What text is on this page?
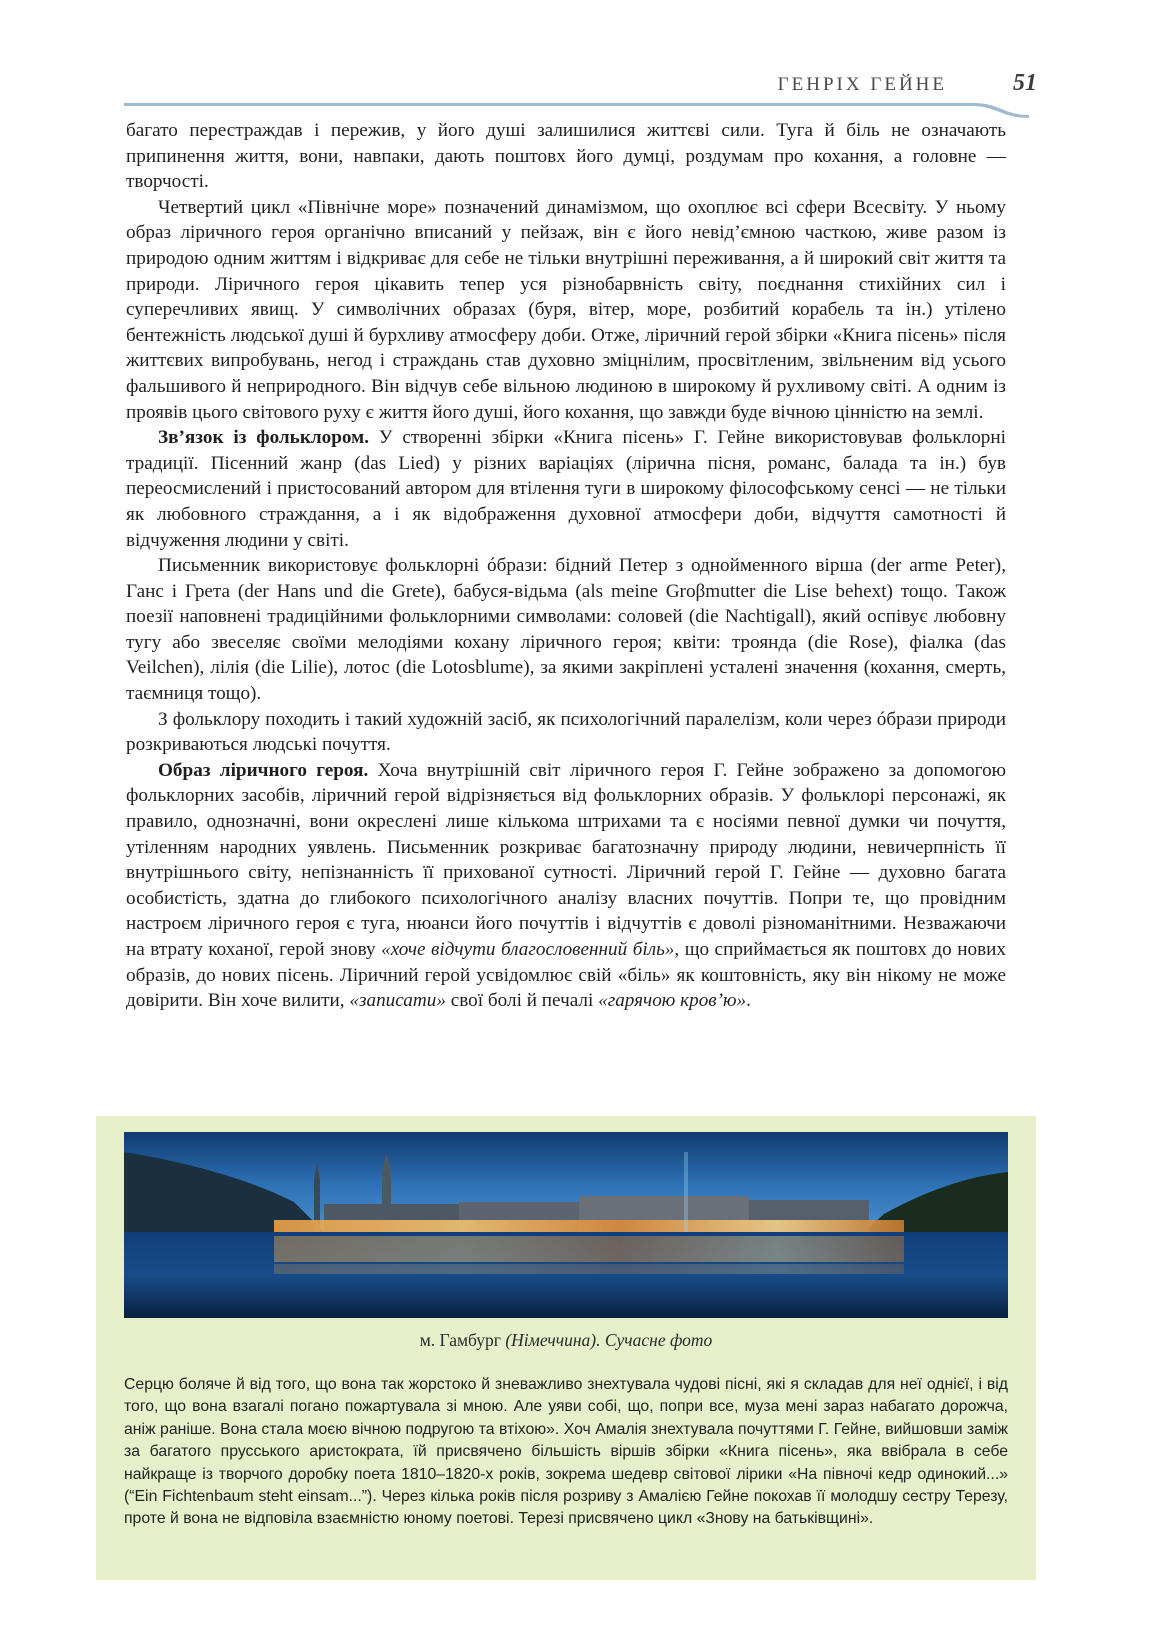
ГЕНРІХ ГЕЙНЕ	51

багато перестраждав і пережив, у його душі залишилися життєві сили. Туга й біль не означають припинення життя, вони, навпаки, дають поштовх його думці, роздумам про кохання, а головне — творчості.

Четвертий цикл «Північне море» позначений динамізмом, що охоплює всі сфери Всесвіту. У ньому образ ліричного героя органічно вписаний у пейзаж, він є його невід’ємною часткою, живе разом із природою одним життям і відкриває для себе не тільки внутрішні переживання, а й широкий світ життя та природи. Ліричного героя цікавить тепер уся різнобарвність світу, поєднання стихійних сил і суперечливих явищ. У символічних образах (буря, вітер, море, розбитий корабель та ін.) утілено бентежність людської душі й бурхливу атмосферу доби. Отже, ліричний герой збірки «Книга пісень» після життєвих випробувань, негод і страждань став духовно зміцнілим, просвітленим, звільненим від усього фальшивого й неприродного. Він відчув себе вільною людиною в широкому й рухливому світі. А одним із проявів цього світового руху є життя його душі, його кохання, що завжди буде вічною цінністю на землі.

Зв’язок із фольклором. У створенні збірки «Книга пісень» Г. Гейне використовував фольклорні традиції. Пісенний жанр (das Lied) у різних варіаціях (лірична пісня, романс, балада та ін.) був переосмислений і пристосований автором для втілення туги в широкому філософському сенсі — не тільки як любовного страждання, а і як відображення духовної атмосфери доби, відчуття самотності й відчуження людини у світі.

Письменник використовує фольклорні óбрази: бідний Петер з однойменного вірша (der arme Peter), Ганс і Грета (der Hans und die Grete), бабуся-відьма (als meine Groβmutter die Lise behext) тощо. Також поезії наповнені традиційними фольклорними символами: соловей (die Nachtigall), який оспівує любовну тугу або звеселяє своїми мелодіями кохану ліричного героя; квіти: троянда (die Rose), фіалка (das Veilchen), лілія (die Lilie), лотос (die Lotosblume), за якими закріплені усталені значення (кохання, смерть, таємниця тощо).

З фольклору походить і такий художній засіб, як психологічний паралелізм, коли через óбрази природи розкриваються людські почуття.

Образ ліричного героя. Хоча внутрішній світ ліричного героя Г. Гейне зображено за допомогою фольклорних засобів, ліричний герой відрізняється від фольклорних образів. У фольклорі персонажі, як правило, однозначні, вони окреслені лише кількома штрихами та є носіями певної думки чи почуття, утіленням народних уявлень. Письменник розкриває багатозначну природу людини, невичерпність її внутрішнього світу, непізнанність її прихованої сутності. Ліричний герой Г. Гейне — духовно багата особистість, здатна до глибокого психологічного аналізу власних почуттів. Попри те, що провідним настроєм ліричного героя є туга, нюанси його почуттів і відчуттів є доволі різноманітними. Незважаючи на втрату коханої, герой знову «хоче відчути благословенний біль», що сприймається як поштовх до нових образів, до нових пісень. Ліричний герой усвідомлює свій «біль» як коштовність, яку він нікому не може довірити. Він хоче вилити, «записати» свої болі й печалі «гарячою кров’ю».

м. Гамбург (Німеччина). Сучасне фото
Серцю боляче й від того, що вона так жорстоко й зневажливо знехтувала чудові пісні, які я складав для неї однієї, і від того, що вона взагалі погано пожартувала зі мною. Але уяви собі, що, попри все, муза мені зараз набагато дорожча, аніж раніше. Вона стала моєю вічною подругою та втіхою». Хоч Амалія знехтувала почуттями Г. Гейне, вийшовши заміж за багатого прусського аристократа, їй присвячено більшість віршів збірки «Книга пісень», яка ввібрала в себе найкраще із творчого доробку поета 1810–1820-х років, зокрема шедевр світової лірики «На півночі кедр одинокий...» (“Ein Fichtenbaum steht einsam...”). Через кілька років після розриву з Амалією Гейне покохав її молодшу сестру Терезу, проте й вона не відповіла взаємністю юному поетові. Терезі присвячено цикл «Знову на батьківщині».
